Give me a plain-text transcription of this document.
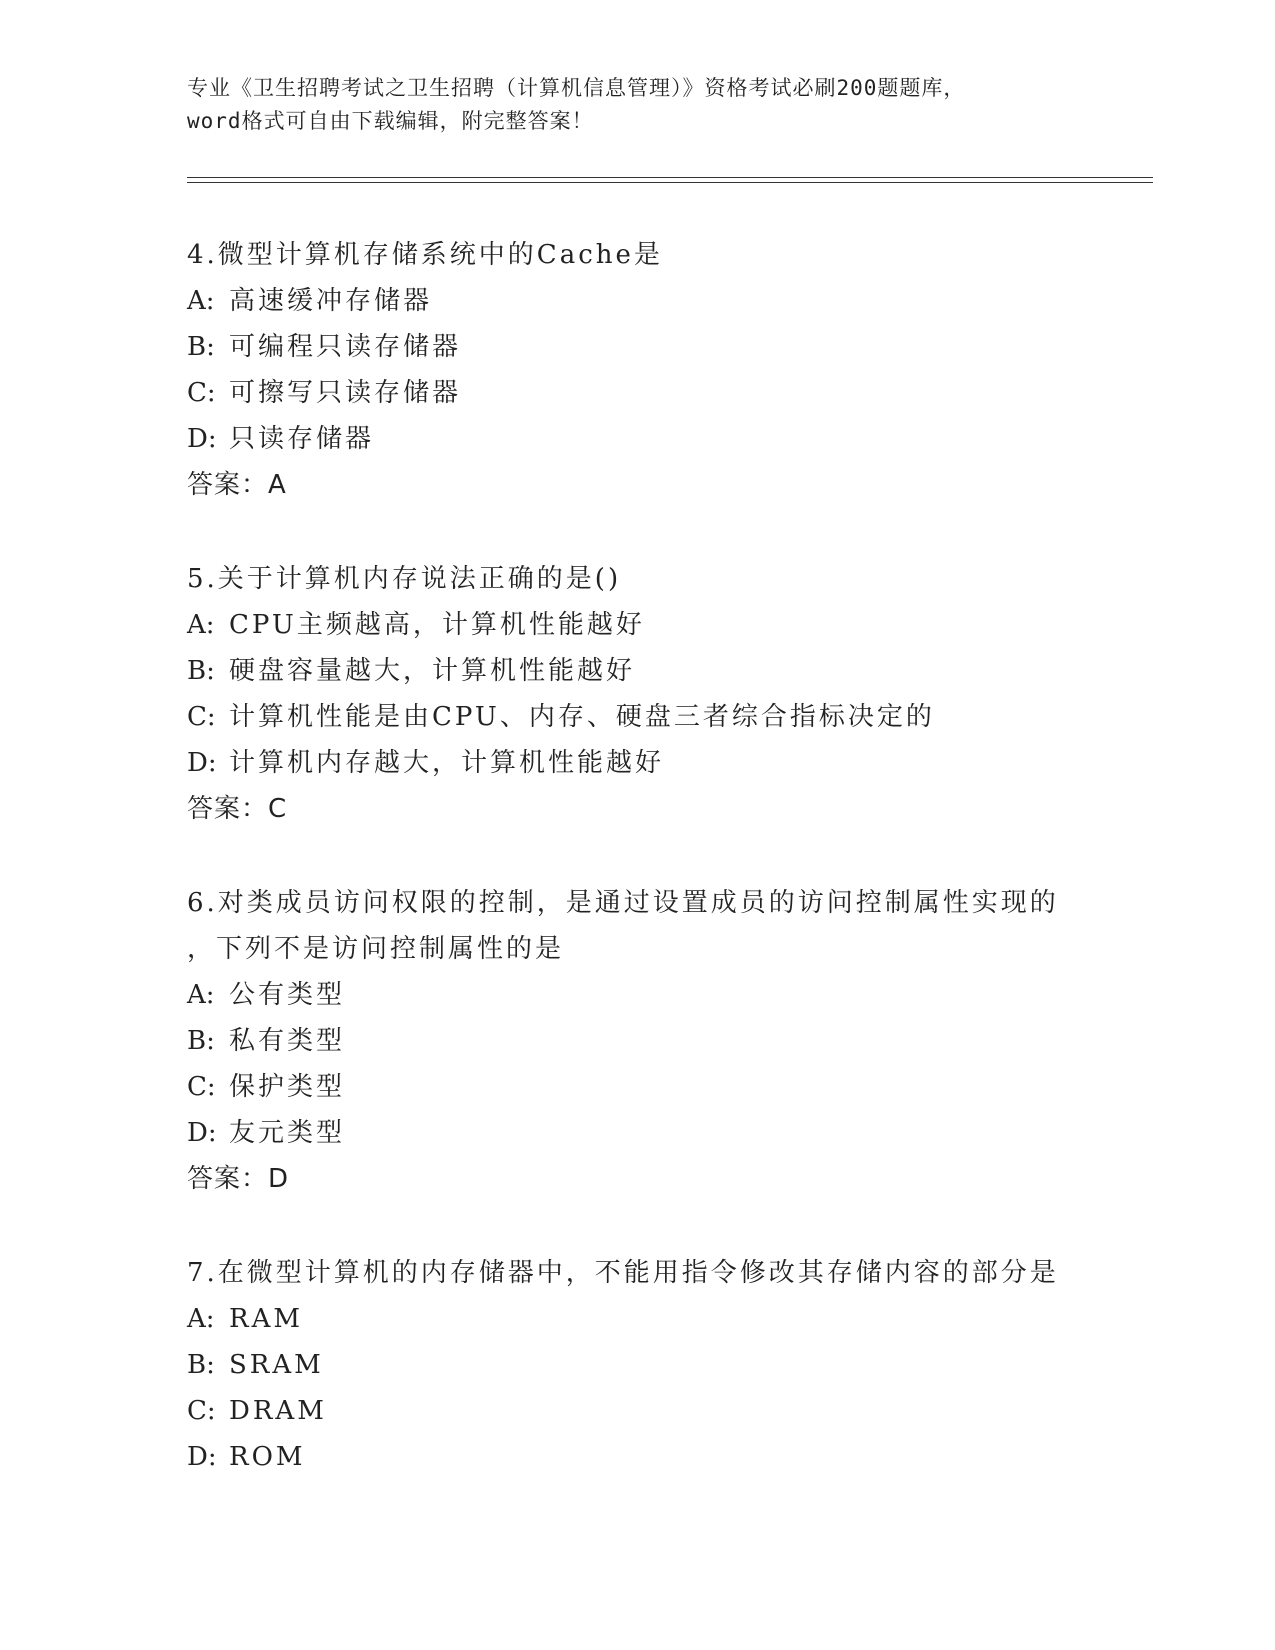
专业《卫生招聘考试之卫生招聘（计算机信息管理）》资格考试必刷200题题库，
word格式可自由下载编辑，附完整答案！
4.微型计算机存储系统中的Cache是
A: 高速缓冲存储器
B: 可编程只读存储器
C: 可擦写只读存储器
D: 只读存储器
答案：A
5.关于计算机内存说法正确的是()
A: CPU主频越高，计算机性能越好
B: 硬盘容量越大，计算机性能越好
C: 计算机性能是由CPU、内存、硬盘三者综合指标决定的
D: 计算机内存越大，计算机性能越好
答案：C
6.对类成员访问权限的控制，是通过设置成员的访问控制属性实现的
，下列不是访问控制属性的是
A: 公有类型
B: 私有类型
C: 保护类型
D: 友元类型
答案：D
7.在微型计算机的内存储器中，不能用指令修改其存储内容的部分是
A: RAM
B: SRAM
C: DRAM
D: ROM
